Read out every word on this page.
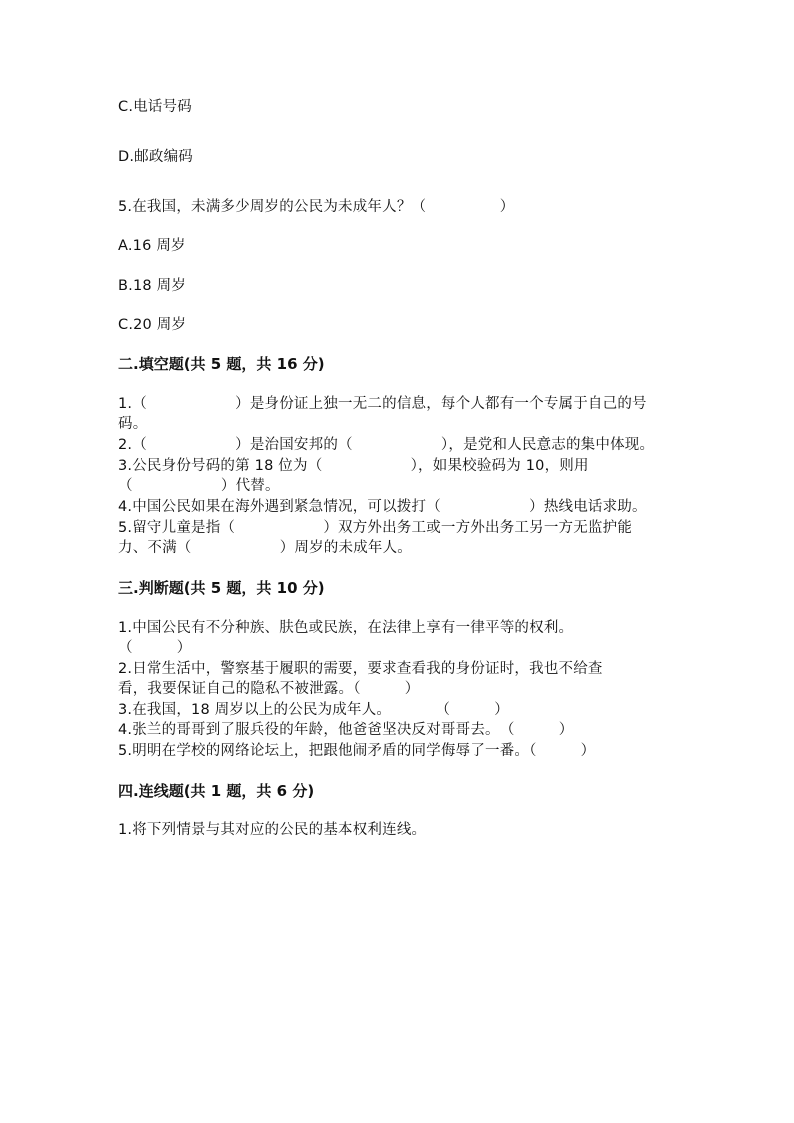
C.电话号码
D.邮政编码
5.在我国，未满多少周岁的公民为未成年人？（　　　　　）
A.16 周岁
B.18 周岁
C.20 周岁
二.填空题(共 5 题，共 16 分)
1.（　　　　　　）是身份证上独一无二的信息，每个人都有一个专属于自己的号
码。
2.（　　　　　　）是治国安邦的（　　　　　　），是党和人民意志的集中体现。
3.公民身份号码的第 18 位为（　　　　　　），如果校验码为 10，则用
（　　　　　　）代替。
4.中国公民如果在海外遇到紧急情况，可以拨打（　　　　　　）热线电话求助。
5.留守儿童是指（　　　　　　）双方外出务工或一方外出务工另一方无监护能
力、不满（　　　　　　）周岁的未成年人。
三.判断题(共 5 题，共 10 分)
1.中国公民有不分种族、肤色或民族，在法律上享有一律平等的权利。
（　　　）
2.日常生活中，警察基于履职的需要，要求查看我的身份证时，我也不给查
看，我要保证自己的隐私不被泄露。（　　　）
3.在我国，18 周岁以上的公民为成年人。　　　　（　　　）
4.张兰的哥哥到了服兵役的年龄，他爸爸坚决反对哥哥去。　（　　　）
5.明明在学校的网络论坛上，把跟他闹矛盾的同学侮辱了一番。（　　　）
四.连线题(共 1 题，共 6 分)
1.将下列情景与其对应的公民的基本权利连线。
